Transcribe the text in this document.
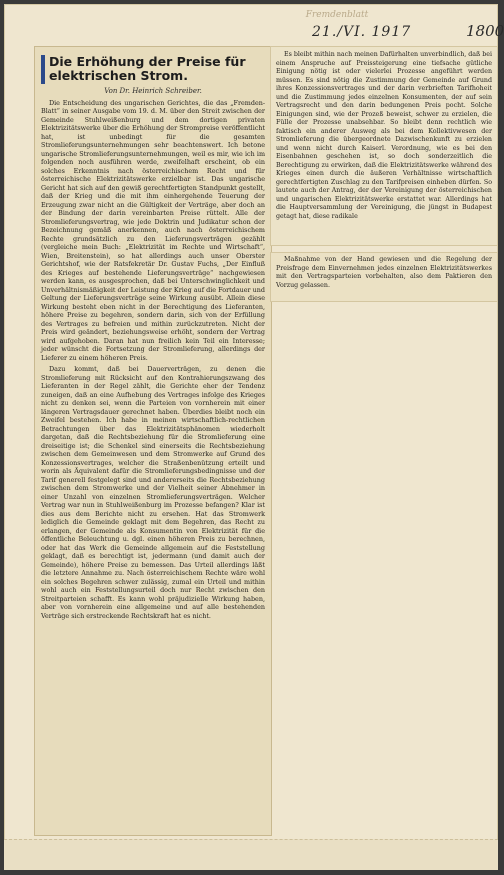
Fremdenblatt
21./VI. 1917	1800
Die Erhöhung der Preise für elektrischen Strom.
Von Dr. Heinrich Schreiber.

Die Entscheidung des ungarischen Gerichtes, die das „Fremden-Blatt“ in seiner Ausgabe vom 19. d. M. über den Streit zwischen der Gemeinde Stuhlweißenburg und dem dortigen privaten Elektrizitätswerke über die Erhöhung der Strompreise veröffentlicht hat, ist unbedingt für die gesamten Stromlieferungsunternehmungen sehr beachtenswert. Ich betone ungarische Stromlieferungsunternehmungen, weil es mir, wie ich im folgenden noch ausführen werde, zweifelhaft erscheint, ob ein solches Erkenntnis nach österreichischem Recht und für österreichische Elektrizitätswerke erzielbar ist. Das ungarische Gericht hat sich auf den gewiß gerechtfertigten Standpunkt gestellt, daß der Krieg und die mit ihm einhergehende Teuerung der Erzeugung zwar nicht an die Gültigkeit der Verträge, aber doch an der Bindung der darin vereinbarten Preise rüttelt. Alle der Stromlieferungsvertrag, wie jede Doktrin und Judikatur schon der Bezeichnung gemäß anerkennen, auch nach österreichischem Rechte grundsätzlich zu den Lieferungsverträgen gezählt (vergleiche mein Buch: „Elektrizität im Rechte und Wirtschaft“, Wien, Breitenstein), so hat allerdings auch unser Oberster Gerichtshof, wie der Ratsfekretär Dr. Gustav Fuchs, „Der Einfluß des Krieges auf bestehende Lieferungsverträge“ nachgewiesen werden kann, es ausgesprochen, daß bei Unterschwinglichkeit und Unverhältnismäßigkeit der Leistung der Krieg auf die Fortdauer und Geltung der Lieferungsverträge seine Wirkung ausübt. Allein diese Wirkung besteht eben nicht in der Berechtigung des Lieferanten, höhere Preise zu begehren, sondern darin, sich von der Erfüllung des Vertrages zu befreien und mithin zurückzutreten. Nicht der Preis wird geändert, beziehungsweise erhöht, sondern der Vertrag wird aufgehoben. Daran hat nun freilich kein Teil ein Interesse; jeder wünscht die Fortsetzung der Stromlieferung, allerdings der Lieferer zu einem höheren Preis.

Dazu kommt, daß bei Dauerverträgen, zu denen die Stromlieferung mit Rücksicht auf den Kontrahierungszwang des Lieferanten in der Regel zählt, die Gerichte eher der Tendenz zuneigen, daß an eine Aufhebung des Vertrages infolge des Krieges nicht zu denken sei, wenn die Parteien von vornherein mit einer längeren Vertragsdauer gerechnet haben. Überdies bleibt noch ein Zweifel bestehen. Ich habe in meinen wirtschaftlich-rechtlichen Betrachtungen über das Elektrizitätsphänomen wiederholt dargetan, daß die Rechtsbeziehung für die Stromlieferung eine dreiseitige ist; die Schenkel sind einerseits die Rechtsbeziehung zwischen dem Gemeinwesen und dem Stromwerke auf Grund des Konzessionsvertrages, welcher die Straßenbenützung erteilt und worin als Äquivalent dafür die Stromlieferungsbedingnisse und der Tarif generell festgelegt sind und andererseits die Rechtsbeziehung zwischen dem Stromwerke und der Vielheit seiner Abnehmer in einer Unzahl von einzelnen Stromlieferungsverträgen. Welcher Vertrag war nun in Stuhlweißenburg im Prozesse befangen? Klar ist dies aus dem Berichte nicht zu ersehen. Hat das Stromwerk lediglich die Gemeinde geklagt mit dem Begehren, das Recht zu erlangen, der Gemeinde als Konsumentin von Elektrizität für die öffentliche Beleuchtung u. dgl. einen höheren Preis zu berechnen, oder hat das Werk die Gemeinde allgemein auf die Feststellung geklagt, daß es berechtigt ist, jedermann (und damit auch der Gemeinde), höhere Preise zu bemessen. Das Urteil allerdings läßt die letztere Annahme zu. Nach österreichischem Rechte wäre wohl ein solches Begehren schwer zulässig, zumal ein Urteil und mithin wohl auch ein Feststellungsurteil doch nur Recht zwischen den Streitparteien schafft. Es kann wohl präjudizielle Wirkung haben, aber von vornherein eine allgemeine und auf alle bestehenden Verträge sich erstreckende Rechtskraft hat es nicht.

Es bleibt mithin nach meinen Dafürhalten unverbindlich, daß bei einem Anspruche auf Preissteigerung eine tiefsache gütliche Einigung nötig ist oder vielerlei Prozesse angeführt werden müssen. Es sind nötig die Zustimmung der Gemeinde auf Grund ihres Konzessionsvertrages und der darin verbrieften Tarifhoheit und die Zustimmung jedes einzelnen Konsumenten, der auf sein Vertragsrecht und den darin bedungenen Preis pocht. Solche Einigungen sind, wie der Prozeß beweist, schwer zu erzielen, die Fülle der Prozesse unabsehbar. So bleibt denn rechtlich wie faktisch ein anderer Ausweg als bei dem Kollektivwesen der Stromlieferung die übergeordnete Dazwischenkunft zu erzielen und wenn nicht durch Kaiserl. Verordnung, wie es bei den Eisenbahnen geschehen ist, so doch sonderzeitlich die Berechtigung zu erwirken, daß die Elektrizitätswerke während des Krieges einen durch die äußeren Verhältnisse wirtschaftlich gerechtfertigten Zuschlag zu den Tarifpreisen einheben dürfen. So lautete auch der Antrag, der der Vereinigung der österreichischen und ungarischen Elektrizitätswerke erstattet war. Allerdings hat die Hauptversammlung der Vereinigung, die jüngst in Budapest getagt hat, diese radikale

Maßnahme von der Hand gewiesen und die Regelung der Preisfrage dem Einvernehmen jedes einzelnen Elektrizitätswerkes mit den Vertragsparteien vorbehalten, also dem Paktieren den Vorzug gelassen.
